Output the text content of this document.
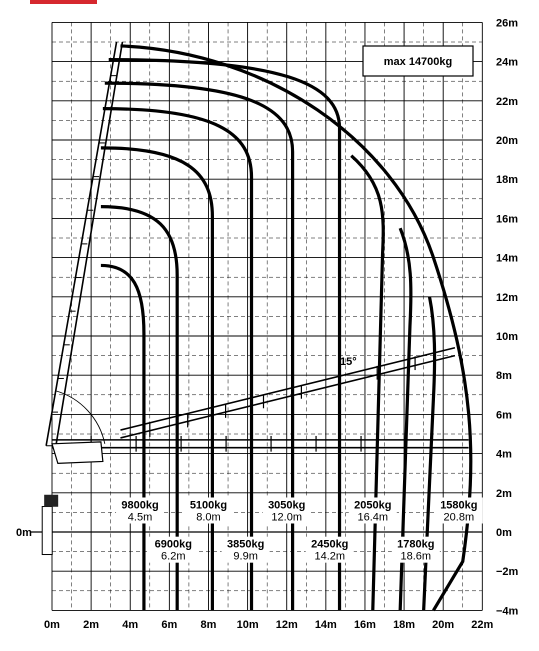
max 14700kg
15°
0m 2m 4m 6m 8m 10m 12m 14m 16m 18m 20m 22m
26m
24m
22m
20m
18m
16m
14m
12m
10m
8m
6m
4m
2m
0m
−2m
−4m
0m
9800kg
4.5m
6900kg
6.2m
5100kg
8.0m
3850kg
9.9m
3050kg
12.0m
2450kg
14.2m
2050kg
16.4m
1780kg
18.6m
1580kg
20.8m
